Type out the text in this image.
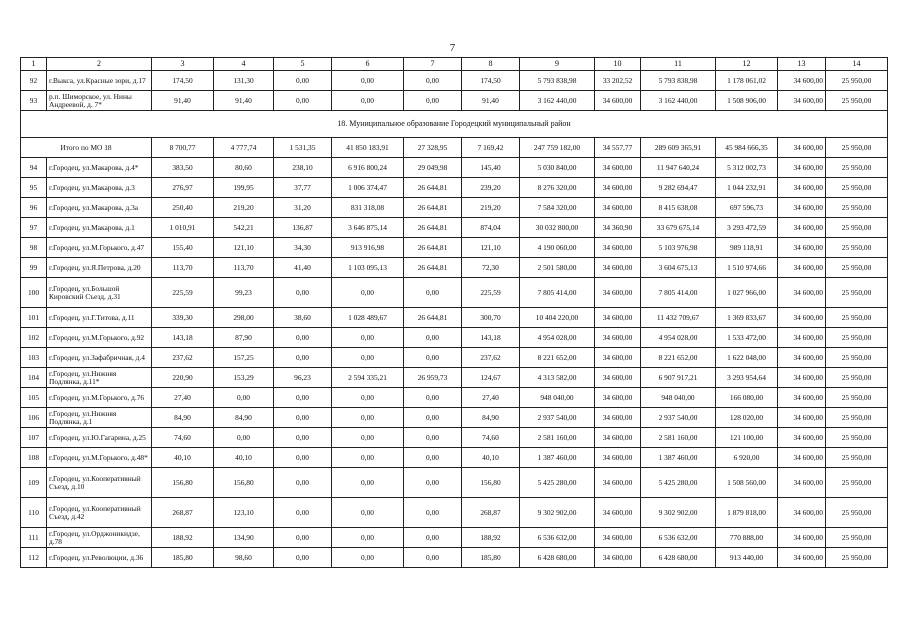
7
1	2	3	4	5	6	7	8	9	10	11	12	13	14
92	г.Выкса, ул.Красные зори, д.17	174,50	131,30	0,00	0,00	0,00	174,50	5 793 838,98	33 202,52	5 793 838,98	1 178 061,02	34 600,00	25 950,00
93	р.п. Шиморское, ул. Нины Андреевой, д. 7*	91,40	91,40	0,00	0,00	0,00	91,40	3 162 440,00	34 600,00	3 162 440,00	1 508 906,00	34 600,00	25 950,00
18. Муниципальное образование Городецкий муниципальный район													
Итого по МО 18		8 700,77	4 777,74	1 531,35	41 850 183,91	27 328,95	7 169,42	247 759 182,00	34 557,77	289 609 365,91	45 984 666,35	34 600,00	25 950,00
94	г.Городец, ул.Макарова, д.4*	383,50	80,60	238,10	6 916 800,24	29 049,98	145,40	5 030 840,00	34 600,00	11 947 640,24	5 312 002,73	34 600,00	25 950,00
95	г.Городец, ул.Макарова, д.3	276,97	199,95	37,77	1 006 374,47	26 644,81	239,20	8 276 320,00	34 600,00	9 282 694,47	1 044 232,91	34 600,00	25 950,00
96	г.Городец, ул.Макарова, д.3а	250,40	219,20	31,20	831 318,08	26 644,81	219,20	7 584 320,00	34 600,00	8 415 638,08	697 596,73	34 600,00	25 950,00
97	г.Городец, ул.Макарова, д.1	1 010,91	542,21	136,87	3 646 875,14	26 644,81	874,04	30 032 800,00	34 360,90	33 679 675,14	3 293 472,59	34 600,00	25 950,00
98	г.Городец, ул.М.Горького, д.47	155,40	121,10	34,30	913 916,98	26 644,81	121,10	4 190 060,00	34 600,00	5 103 976,98	989 118,91	34 600,00	25 950,00
99	г.Городец, ул.Я.Петрова, д.20	113,70	113,70	41,40	1 103 095,13	26 644,81	72,30	2 501 580,00	34 600,00	3 604 675,13	1 510 974,66	34 600,00	25 950,00
100	г.Городец, ул.Большой Кировский Съезд, д.31	225,59	99,23	0,00	0,00	0,00	225,59	7 805 414,00	34 600,00	7 805 414,00	1 027 966,00	34 600,00	25 950,00
101	г.Городец, ул.Г.Титова, д.11	339,30	298,00	38,60	1 028 489,67	26 644,81	300,70	10 404 220,00	34 600,00	11 432 709,67	1 369 833,67	34 600,00	25 950,00
102	г.Городец, ул.М.Горького, д.92	143,18	87,90	0,00	0,00	0,00	143,18	4 954 028,00	34 600,00	4 954 028,00	1 533 472,00	34 600,00	25 950,00
103	г.Городец, ул.Зафабричная, д.4	237,62	157,25	0,00	0,00	0,00	237,62	8 221 652,00	34 600,00	8 221 652,00	1 622 048,00	34 600,00	25 950,00
104	г.Городец, ул.Нижняя Подлянка, д.11*	220,90	153,29	96,23	2 594 335,21	26 959,73	124,67	4 313 582,00	34 600,00	6 907 917,21	3 293 954,64	34 600,00	25 950,00
105	г.Городец, ул.М.Горького, д.76	27,40	0,00	0,00	0,00	0,00	27,40	948 040,00	34 600,00	948 040,00	166 080,00	34 600,00	25 950,00
106	г.Городец, ул.Нижняя Подлянка, д.1	84,90	84,90	0,00	0,00	0,00	84,90	2 937 540,00	34 600,00	2 937 540,00	128 020,00	34 600,00	25 950,00
107	г.Городец, ул.Ю.Гагарина, д.25	74,60	0,00	0,00	0,00	0,00	74,60	2 581 160,00	34 600,00	2 581 160,00	121 100,00	34 600,00	25 950,00
108	г.Городец, ул.М.Горького, д.48*	40,10	40,10	0,00	0,00	0,00	40,10	1 387 460,00	34 600,00	1 387 460,00	6 920,00	34 600,00	25 950,00
109	г.Городец, ул.Кооперативный Съезд, д.10	156,80	156,80	0,00	0,00	0,00	156,80	5 425 280,00	34 600,00	5 425 280,00	1 508 560,00	34 600,00	25 950,00
110	г.Городец, ул.Кооперативный Съезд, д.42	268,87	123,10	0,00	0,00	0,00	268,87	9 302 902,00	34 600,00	9 302 902,00	1 879 818,00	34 600,00	25 950,00
111	г.Городец, ул.Орджоникидзе, д.78	188,92	134,90	0,00	0,00	0,00	188,92	6 536 632,00	34 600,00	6 536 632,00	770 888,00	34 600,00	25 950,00
112	г.Городец, ул.Революции, д.36	185,80	98,60	0,00	0,00	0,00	185,80	6 428 680,00	34 600,00	6 428 680,00	913 440,00	34 600,00	25 950,00
